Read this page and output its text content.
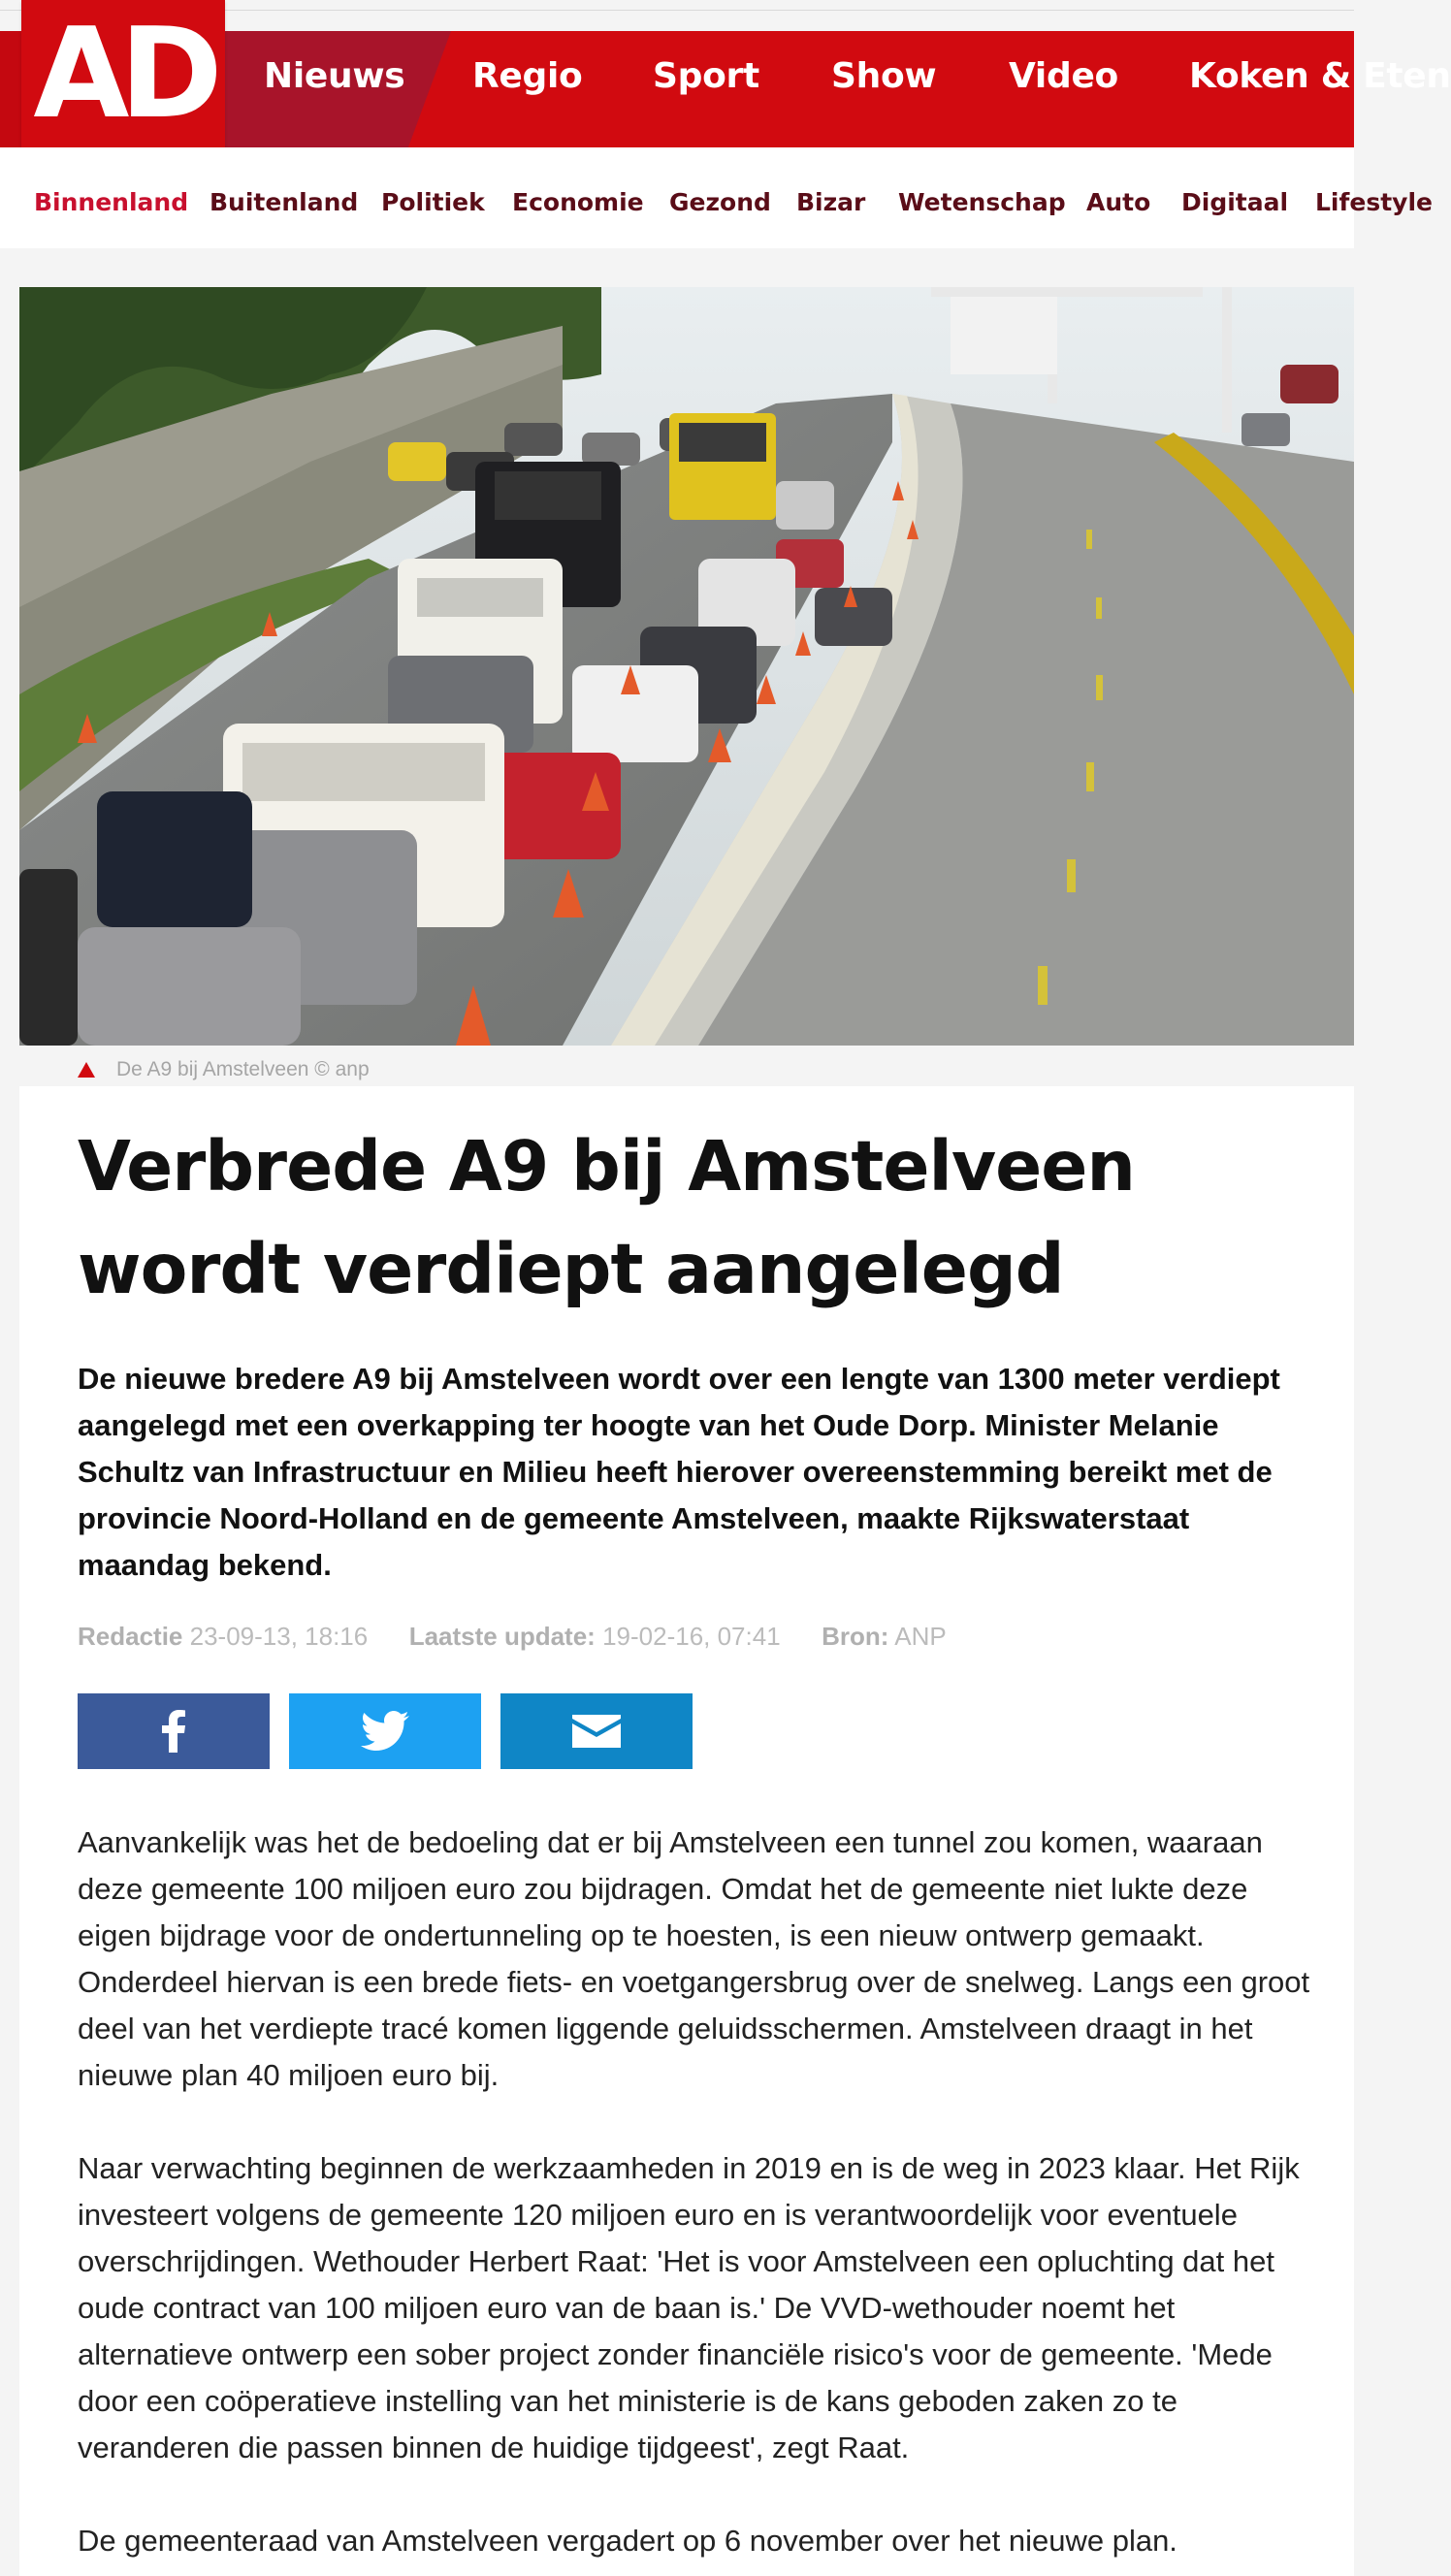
AD Nieuws Regio Sport Show Video Koken & Eten
Binnenland Buitenland Politiek Economie Gezond Bizar Wetenschap Auto Digitaal Lifestyle
De A9 bij Amstelveen © anp
Verbrede A9 bij Amstelveen wordt verdiept aangelegd

De nieuwe bredere A9 bij Amstelveen wordt over een lengte van 1300 meter verdiept aangelegd met een overkapping ter hoogte van het Oude Dorp. Minister Melanie Schultz van Infrastructuur en Milieu heeft hierover overeenstemming bereikt met de provincie Noord-Holland en de gemeente Amstelveen, maakte Rijkswaterstaat maandag bekend.

Redactie 23-09-13, 18:16 Laatste update: 19-02-16, 07:41 Bron: ANP

Aanvankelijk was het de bedoeling dat er bij Amstelveen een tunnel zou komen, waaraan deze gemeente 100 miljoen euro zou bijdragen. Omdat het de gemeente niet lukte deze eigen bijdrage voor de ondertunneling op te hoesten, is een nieuw ontwerp gemaakt. Onderdeel hiervan is een brede fiets- en voetgangersbrug over de snelweg. Langs een groot deel van het verdiepte tracé komen liggende geluidsschermen. Amstelveen draagt in het nieuwe plan 40 miljoen euro bij.

Naar verwachting beginnen de werkzaamheden in 2019 en is de weg in 2023 klaar. Het Rijk investeert volgens de gemeente 120 miljoen euro en is verantwoordelijk voor eventuele overschrijdingen. Wethouder Herbert Raat: 'Het is voor Amstelveen een opluchting dat het oude contract van 100 miljoen euro van de baan is.' De VVD-wethouder noemt het alternatieve ontwerp een sober project zonder financiële risico's voor de gemeente. 'Mede door een coöperatieve instelling van het ministerie is de kans geboden zaken zo te veranderen die passen binnen de huidige tijdgeest', zegt Raat.

De gemeenteraad van Amstelveen vergadert op 6 november over het nieuwe plan.
